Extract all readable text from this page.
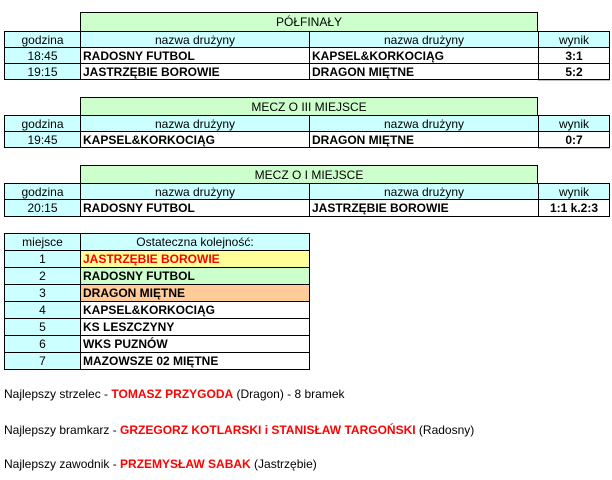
PÓŁFINAŁY
godzina	nazwa drużyny	nazwa drużyny	wynik
18:45	RADOSNY FUTBOL	KAPSEL&KORKOCIĄG	3:1
19:15	JASTRZĘBIE BOROWIE	DRAGON MIĘTNE	5:2
MECZ O III MIEJSCE
godzina	nazwa drużyny	nazwa drużyny	wynik
19:45	KAPSEL&KORKOCIĄG	DRAGON MIĘTNE	0:7
MECZ O I MIEJSCE
godzina	nazwa drużyny	nazwa drużyny	wynik
20:15	RADOSNY FUTBOL	JASTRZĘBIE BOROWIE	1:1 k.2:3
miejsce	Ostateczna kolejność:
1	JASTRZĘBIE BOROWIE
2	RADOSNY FUTBOL
3	DRAGON MIĘTNE
4	KAPSEL&KORKOCIĄG
5	KS LESZCZYNY
6	WKS PUZNÓW
7	MAZOWSZE 02 MIĘTNE
Najlepszy strzelec - TOMASZ PRZYGODA (Dragon) - 8 bramek
Najlepszy bramkarz - GRZEGORZ KOTLARSKI i STANISŁAW TARGOŃSKI (Radosny)
Najlepszy zawodnik - PRZEMYSŁAW SABAK (Jastrzębie)
